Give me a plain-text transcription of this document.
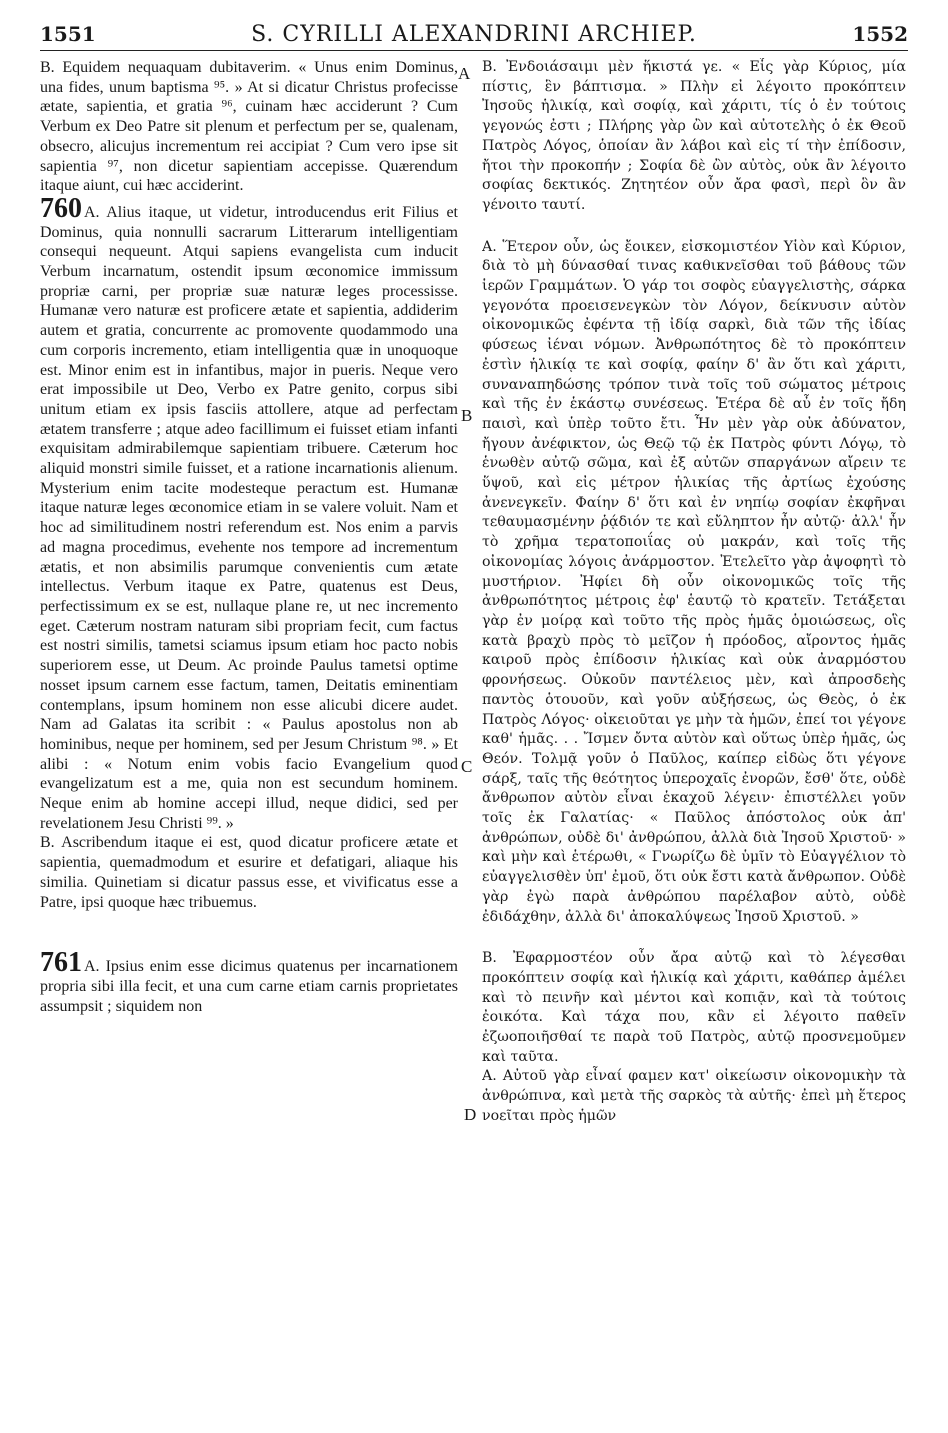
1551	S. CYRILLI ALEXANDRINI ARCHIEP.	1552

B. Equidem nequaquam dubitaverim. « Unus enim Dominus, una fides, unum baptisma ⁹⁵. » At si dicatur Christus profecisse ætate, sapientia, et gratia ⁹⁶, cuinam hæc acciderunt ? Cum Verbum ex Deo Patre sit plenum et perfectum per se, qualenam, obsecro, alicujus incrementum rei accipiat ? Cum vero ipse sit sapientia ⁹⁷, non dicetur sapientiam accepisse. Quærendum itaque aiunt, cui hæc acciderint.

760 A. Alius itaque, ut videtur, introducendus erit Filius et Dominus, quia nonnulli sacrarum Litterarum intelligentiam consequi nequeunt. Atqui sapiens evangelista cum inducit Verbum incarnatum, ostendit ipsum œconomice immissum propriæ carni, per propriæ suæ naturæ leges processisse. Humanæ vero naturæ est proficere ætate et sapientia, addiderim autem et gratia, concurrente ac promovente quodammodo una cum corporis incremento, etiam intelligentia quæ in unoquoque est. Minor enim est in infantibus, major in pueris. Neque vero erat impossibile ut Deo, Verbo ex Patre genito, corpus sibi unitum etiam ex ipsis fasciis attollere, atque ad perfectam ætatem transferre ; atque adeo facillimum ei fuisset etiam infanti exquisitam admirabilemque sapientiam tribuere. Cæterum hoc aliquid monstri simile fuisset, et a ratione incarnationis alienum. Mysterium enim tacite modesteque peractum est. Humanæ itaque naturæ leges œconomice etiam in se valere voluit. Nam et hoc ad similitudinem nostri referendum est. Nos enim a parvis ad magna procedimus, evehente nos tempore ad incrementum ætatis, et non absimilis parumque convenientis cum ætate intellectus. Verbum itaque ex Patre, quatenus est Deus, perfectissimum ex se est, nullaque plane re, ut nec incremento eget. Cæterum nostram naturam sibi propriam fecit, cum factus est nostri similis, tametsi sciamus ipsum etiam hoc pacto nobis superiorem esse, ut Deum. Ac proinde Paulus tametsi optime nosset ipsum carnem esse factum, tamen, Deitatis eminentiam contemplans, ipsum hominem non esse alicubi dicere audet. Nam ad Galatas ita scribit : « Paulus apostolus non ab hominibus, neque per hominem, sed per Jesum Christum ⁹⁸. » Et alibi : « Notum enim vobis facio Evangelium quod evangelizatum est a me, quia non est secundum hominem. Neque enim ab homine accepi illud, neque didici, sed per revelationem Jesu Christi ⁹⁹. »

B. Ascribendum itaque ei est, quod dicatur proficere ætate et sapientia, quemadmodum et esurire et defatigari, aliaque his similia. Quinetiam si dicatur passus esse, et vivificatus esse a Patre, ipsi quoque hæc tribuemus.

761 A. Ipsius enim esse dicimus quatenus per incarnationem propria sibi illa fecit, et una cum carne etiam carnis proprietates assumpsit ; siquidem non

A
B
C
D

B. Ἐνδοιάσαιμι μὲν ἥκιστά γε. « Εἷς γὰρ Κύριος, μία πίστις, ἓν βάπτισμα. » Πλὴν εἰ λέγοιτο προκόπτειν Ἰησοῦς ἡλικίᾳ, καὶ σοφίᾳ, καὶ χάριτι, τίς ὁ ἐν τούτοις γεγονώς ἐστι ; Πλήρης γὰρ ὢν καὶ αὐτοτελὴς ὁ ἐκ Θεοῦ Πατρὸς Λόγος, ὁποίαν ἂν λάβοι καὶ εἰς τί τὴν ἐπίδοσιν, ἤτοι τὴν προκοπήν ; Σοφία δὲ ὢν αὐτὸς, οὐκ ἂν λέγοιτο σοφίας δεκτικός. Ζητητέον οὖν ἄρα φασὶ, περὶ ὃν ἂν γένοιτο ταυτί.

A. Ἕτερον οὖν, ὡς ἔοικεν, εἰσκομιστέον Υἱὸν καὶ Κύριον, διὰ τὸ μὴ δύνασθαί τινας καθικνεῖσθαι τοῦ βάθους τῶν ἱερῶν Γραμμάτων. Ὁ γάρ τοι σοφὸς εὐαγγελιστὴς, σάρκα γεγονότα προεισενεγκὼν τὸν Λόγον, δείκνυσιν αὐτὸν οἰκονομικῶς ἐφέντα τῇ ἰδίᾳ σαρκὶ, διὰ τῶν τῆς ἰδίας φύσεως ἰέναι νόμων. Ἀνθρωπότητος δὲ τὸ προκόπτειν ἐστὶν ἡλικίᾳ τε καὶ σοφίᾳ, φαίην δ' ἂν ὅτι καὶ χάριτι, συναναπηδώσης τρόπον τινὰ τοῖς τοῦ σώματος μέτροις καὶ τῆς ἐν ἑκάστῳ συνέσεως. Ἑτέρα δὲ αὖ ἐν τοῖς ἤδη παισὶ, καὶ ὑπὲρ τοῦτο ἔτι. Ἦν μὲν γὰρ οὐκ ἀδύνατον, ἤγουν ἀνέφικτον, ὡς Θεῷ τῷ ἐκ Πατρὸς φύντι Λόγῳ, τὸ ἑνωθὲν αὐτῷ σῶμα, καὶ ἐξ αὐτῶν σπαργάνων αἴρειν τε ὕψοῦ, καὶ εἰς μέτρον ἡλικίας τῆς ἀρτίως ἐχούσης ἀνενεγκεῖν. Φαίην δ' ὅτι καὶ ἐν νηπίῳ σοφίαν ἐκφῆναι τεθαυμασμένην ῥᾴδιόν τε καὶ εὔληπτον ἦν αὐτῷ· ἀλλ' ἦν τὸ χρῆμα τερατοποιΐας οὐ μακράν, καὶ τοῖς τῆς οἰκονομίας λόγοις ἀνάρμοστον. Ἐτελεῖτο γὰρ ἀψοφητὶ τὸ μυστήριον. Ἠφίει δὴ οὖν οἰκονομικῶς τοῖς τῆς ἀνθρωπότητος μέτροις ἐφ' ἑαυτῷ τὸ κρατεῖν. Τετάξεται γὰρ ἐν μοίρᾳ καὶ τοῦτο τῆς πρὸς ἡμᾶς ὁμοιώσεως, οἳς κατὰ βραχὺ πρὸς τὸ μεῖζον ἡ πρόοδος, αἴροντος ἡμᾶς καιροῦ πρὸς ἐπίδοσιν ἡλικίας καὶ οὐκ ἀναρμόστου φρονήσεως. Οὐκοῦν παντέλειος μὲν, καὶ ἀπροσδεὴς παντὸς ὁτουοῦν, καὶ γοῦν αὐξήσεως, ὡς Θεὸς, ὁ ἐκ Πατρὸς Λόγος· οἰκειοῦται γε μὴν τὰ ἡμῶν, ἐπεί τοι γέγονε καθ' ἡμᾶς. . . Ἴσμεν ὄντα αὐτὸν καὶ οὕτως ὑπὲρ ἡμᾶς, ὡς Θεόν. Τολμᾷ γοῦν ὁ Παῦλος, καίπερ εἰδὼς ὅτι γέγονε σάρξ, ταῖς τῆς θεότητος ὑπεροχαῖς ἐνορῶν, ἔσθ' ὅτε, οὐδὲ ἄνθρωπον αὐτὸν εἶναι ἑκαχοῦ λέγειν· ἐπιστέλλει γοῦν τοῖς ἐκ Γαλατίας· « Παῦλος ἀπόστολος οὐκ ἀπ' ἀνθρώπων, οὐδὲ δι' ἀνθρώπου, ἀλλὰ διὰ Ἰησοῦ Χριστοῦ· » καὶ μὴν καὶ ἑτέρωθι, « Γνωρίζω δὲ ὑμῖν τὸ Εὐαγγέλιον τὸ εὐαγγελισθὲν ὑπ' ἐμοῦ, ὅτι οὐκ ἔστι κατὰ ἄνθρωπον. Οὐδὲ γὰρ ἐγὼ παρὰ ἀνθρώπου παρέλαβον αὐτὸ, οὐδὲ ἐδιδάχθην, ἀλλὰ δι' ἀποκαλύψεως Ἰησοῦ Χριστοῦ. »

B. Ἐφαρμοστέον οὖν ἄρα αὐτῷ καὶ τὸ λέγεσθαι προκόπτειν σοφίᾳ καὶ ἡλικίᾳ καὶ χάριτι, καθάπερ ἀμέλει καὶ τὸ πεινῆν καὶ μέντοι καὶ κοπιᾷν, καὶ τὰ τούτοις ἐοικότα. Καὶ τάχα που, κἂν εἰ λέγοιτο παθεῖν ἐζωοποιῆσθαί τε παρὰ τοῦ Πατρὸς, αὐτῷ προσνεμοῦμεν καὶ ταῦτα.

A. Αὐτοῦ γὰρ εἶναί φαμεν κατ' οἰκείωσιν οἰκονομικὴν τὰ ἀνθρώπινα, καὶ μετὰ τῆς σαρκὸς τὰ αὐτῆς· ἐπεὶ μὴ ἕτερος νοεῖται πρὸς ἡμῶν
